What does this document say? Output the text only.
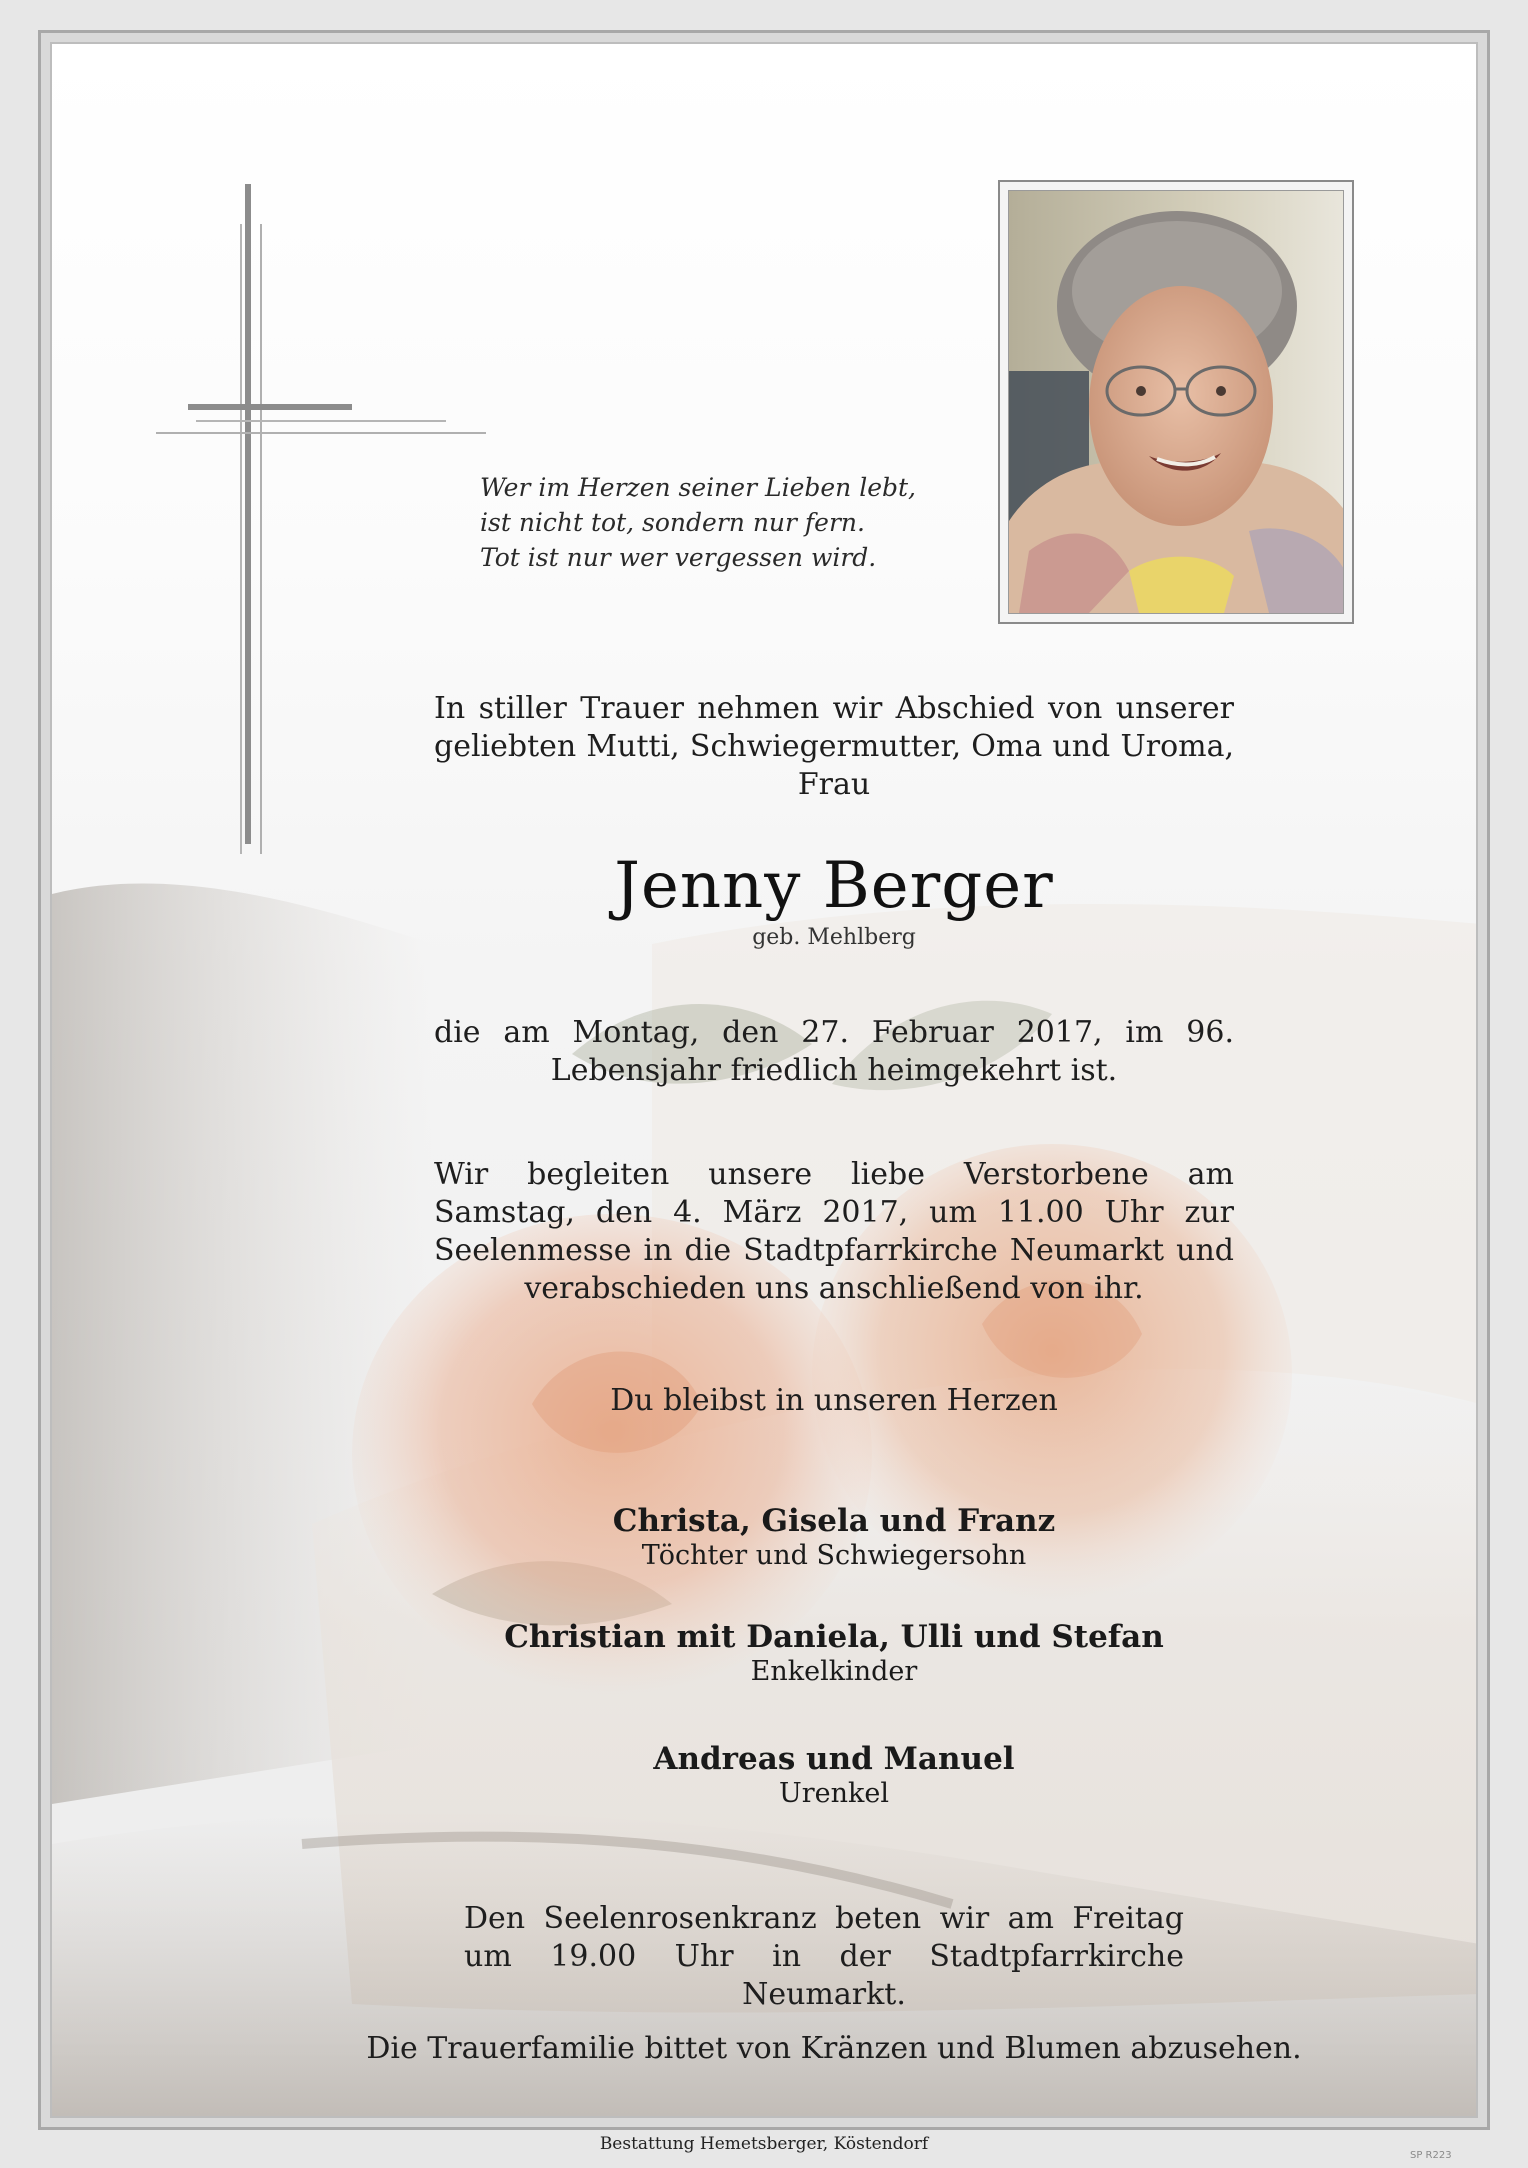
Wer im Herzen seiner Lieben lebt,
ist nicht tot, sondern nur fern.
Tot ist nur wer vergessen wird.
In stiller Trauer nehmen wir Abschied von unserer geliebten Mutti, Schwiegermutter, Oma und Uroma, Frau
Jenny Berger
geb. Mehlberg
die am Montag, den 27. Februar 2017, im 96. Lebensjahr friedlich heimgekehrt ist.
Wir begleiten unsere liebe Verstorbene am Samstag, den 4. März 2017, um 11.00 Uhr zur Seelenmesse in die Stadtpfarrkirche Neumarkt und verabschieden uns anschließend von ihr.
Du bleibst in unseren Herzen
Christa, Gisela und Franz
Töchter und Schwiegersohn
Christian mit Daniela, Ulli und Stefan
Enkelkinder
Andreas und Manuel
Urenkel
Den Seelenrosenkranz beten wir am Freitag um 19.00 Uhr in der Stadtpfarrkirche Neumarkt.
Die Trauerfamilie bittet von Kränzen und Blumen abzusehen.
Bestattung Hemetsberger, Köstendorf
SP R223
